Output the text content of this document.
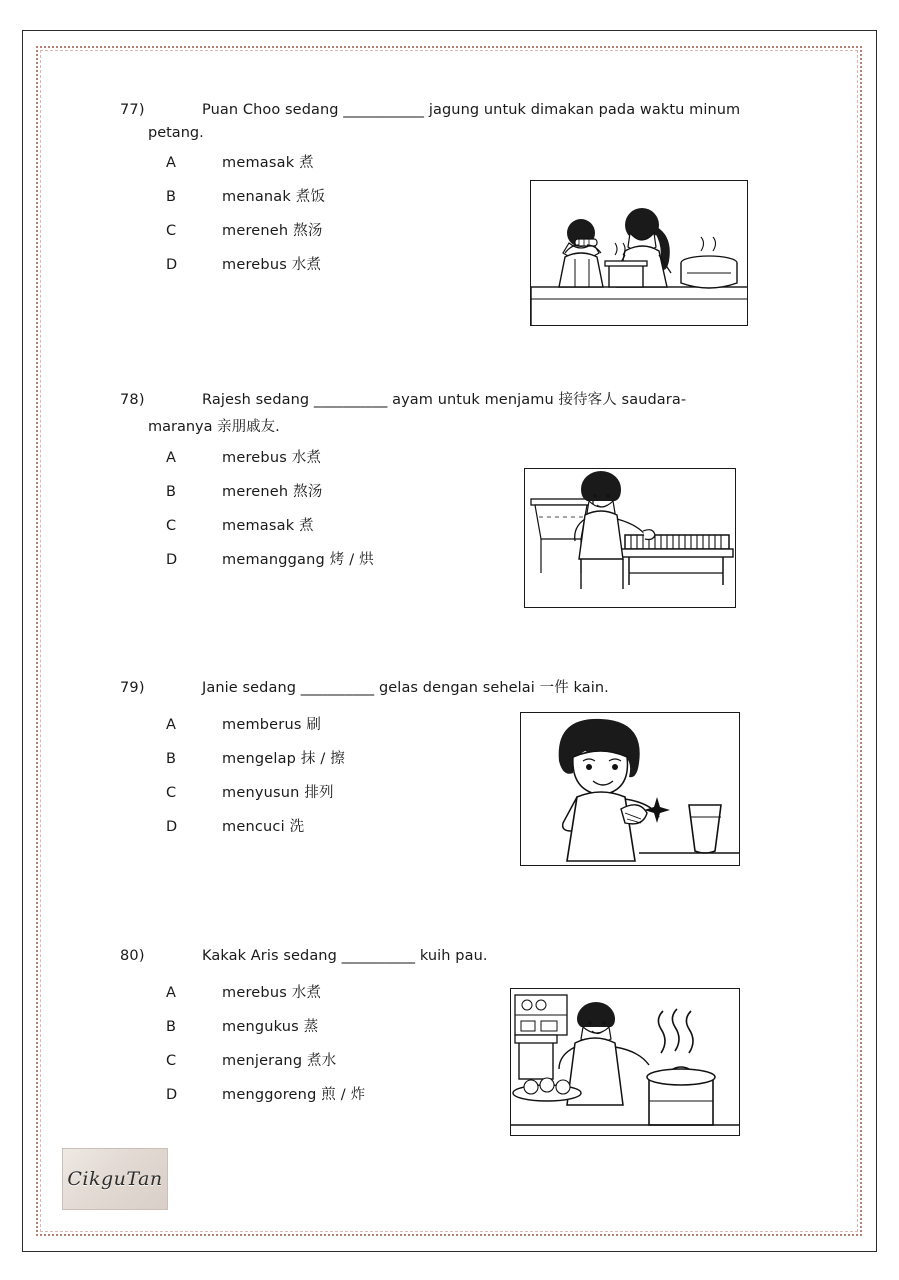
77)	Puan Choo sedang ___________ jagung untuk dimakan pada waktu minum
petang.
A	memasak 煮
B	menanak 煮饭
C	mereneh 熬汤
D	merebus 水煮
78)	Rajesh sedang __________ ayam untuk menjamu 接待客人 saudara-
maranya 亲朋戚友.
A	merebus 水煮
B	mereneh 熬汤
C	memasak 煮
D	memanggang 烤 / 烘
79)	Janie sedang __________ gelas dengan sehelai 一件 kain.
A	memberus 刷
B	mengelap 抹 / 擦
C	menyusun 排列
D	mencuci 洗
80)	Kakak Aris sedang __________ kuih pau.
A	merebus 水煮
B	mengukus 蒸
C	menjerang 煮水
D	menggoreng 煎 / 炸
CikguTan
